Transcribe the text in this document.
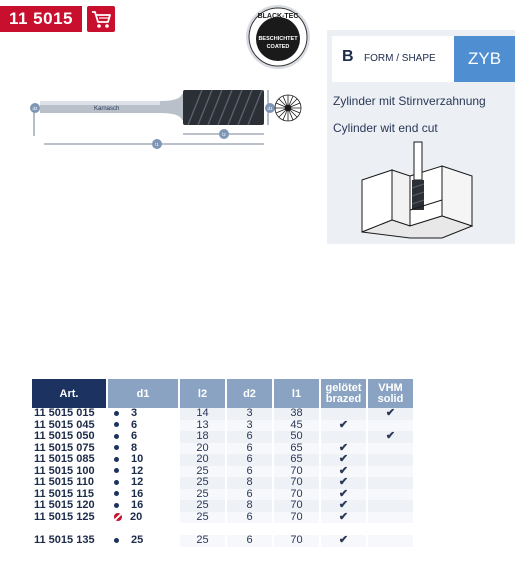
11 5015	BLACK-TEC
BESCHICHTET
COATED
Karnasch
d2	d1
l2
l1
B FORM / SHAPE	ZYB
Zylinder mit Stirnverzahnung
Cylinder wit end cut
Art.	d1	l2	d2	l1	gelötet
brazed	VHM
solid
11 5015 015	3	14	3	38		✔
11 5015 045	6	13	3	45	✔	
11 5015 050	6	18	6	50		✔
11 5015 075	8	20	6	65	✔	
11 5015 085	10	20	6	65	✔	
11 5015 100	12	25	6	70	✔	
11 5015 110	12	25	8	70	✔	
11 5015 115	16	25	6	70	✔	
11 5015 120	16	25	8	70	✔	
11 5015 125	20	25	6	70	✔	

11 5015 135	25	25	6	70	✔	
